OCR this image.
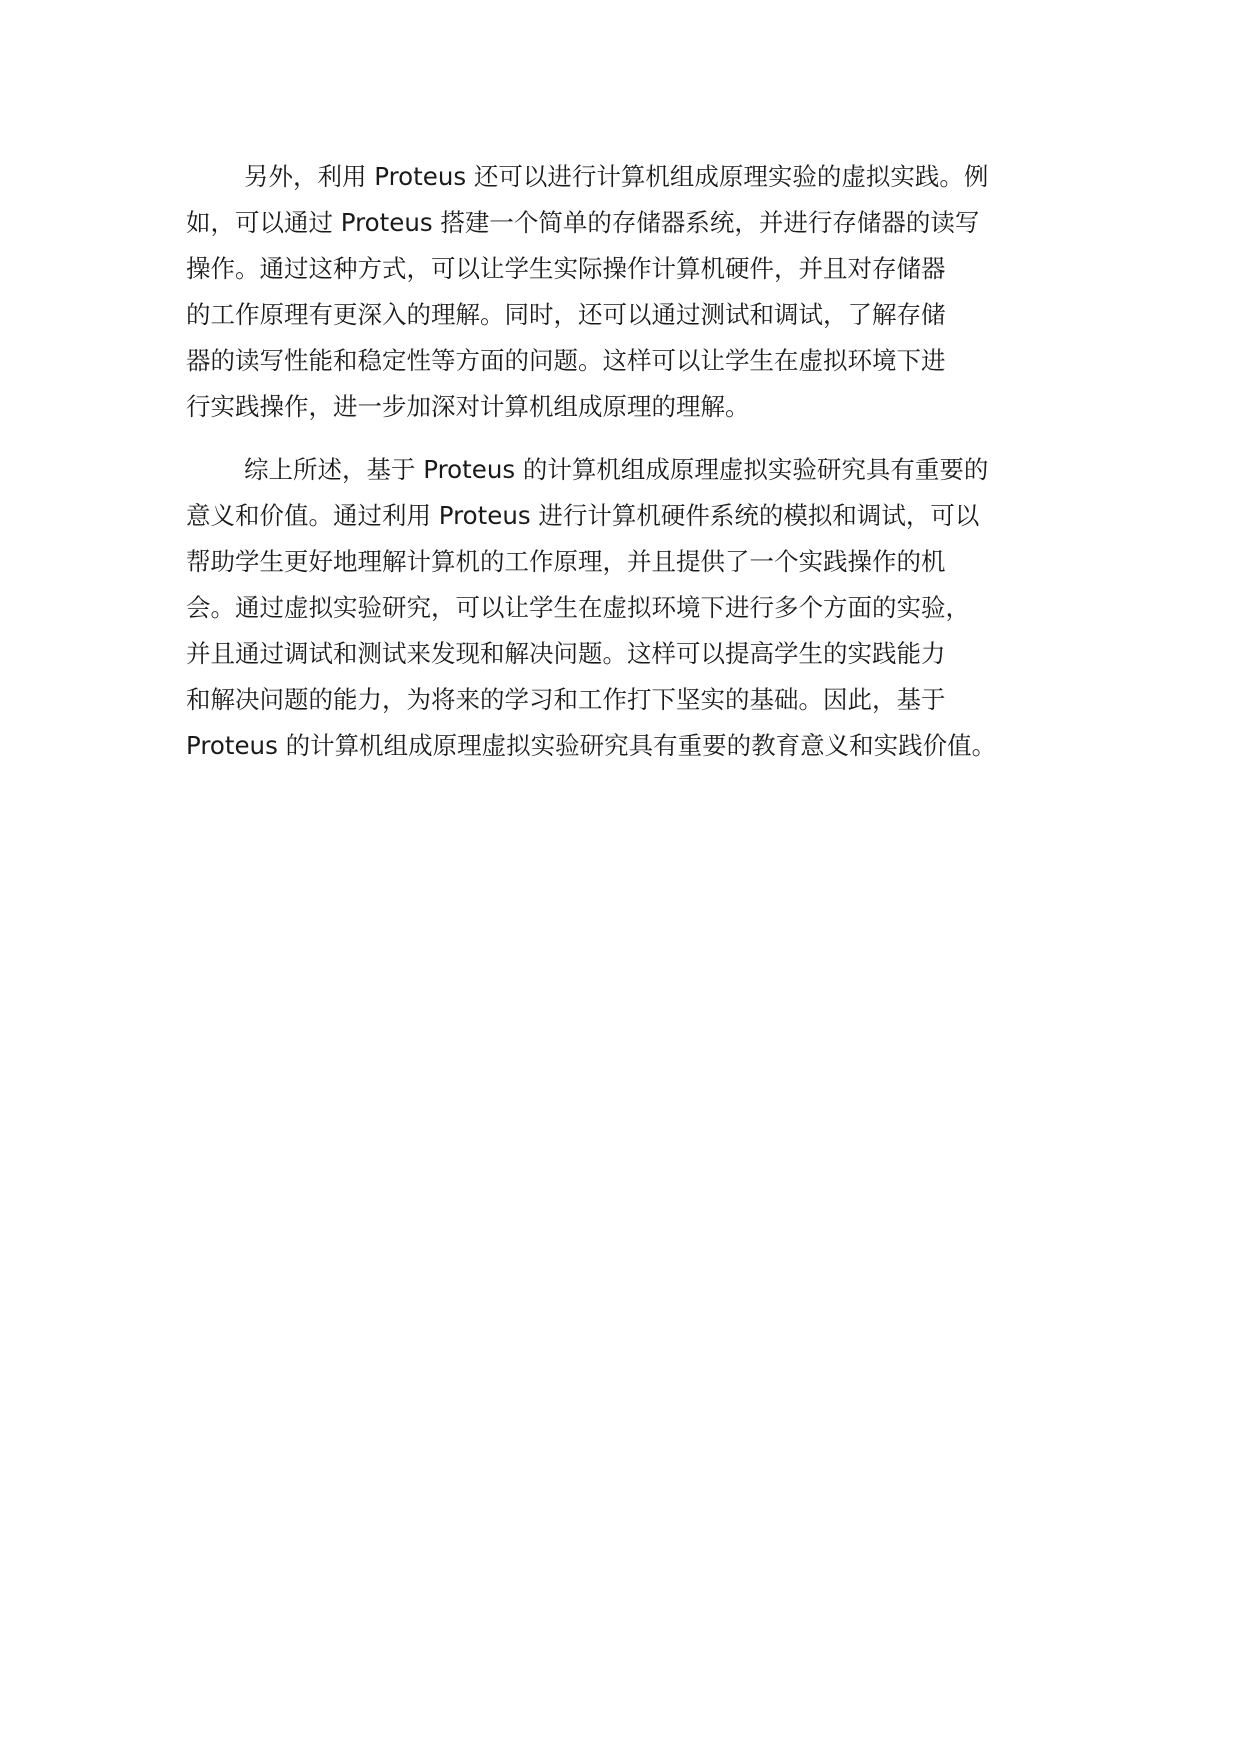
另外，利用 Proteus 还可以进行计算机组成原理实验的虚拟实践。例
如，可以通过 Proteus 搭建一个简单的存储器系统，并进行存储器的读写
操作。通过这种方式，可以让学生实际操作计算机硬件，并且对存储器
的工作原理有更深入的理解。同时，还可以通过测试和调试，了解存储
器的读写性能和稳定性等方面的问题。这样可以让学生在虚拟环境下进
行实践操作，进一步加深对计算机组成原理的理解。

综上所述，基于 Proteus 的计算机组成原理虚拟实验研究具有重要的
意义和价值。通过利用 Proteus 进行计算机硬件系统的模拟和调试，可以
帮助学生更好地理解计算机的工作原理，并且提供了一个实践操作的机
会。通过虚拟实验研究，可以让学生在虚拟环境下进行多个方面的实验，
并且通过调试和测试来发现和解决问题。这样可以提高学生的实践能力
和解决问题的能力，为将来的学习和工作打下坚实的基础。因此，基于
Proteus 的计算机组成原理虚拟实验研究具有重要的教育意义和实践价值。
